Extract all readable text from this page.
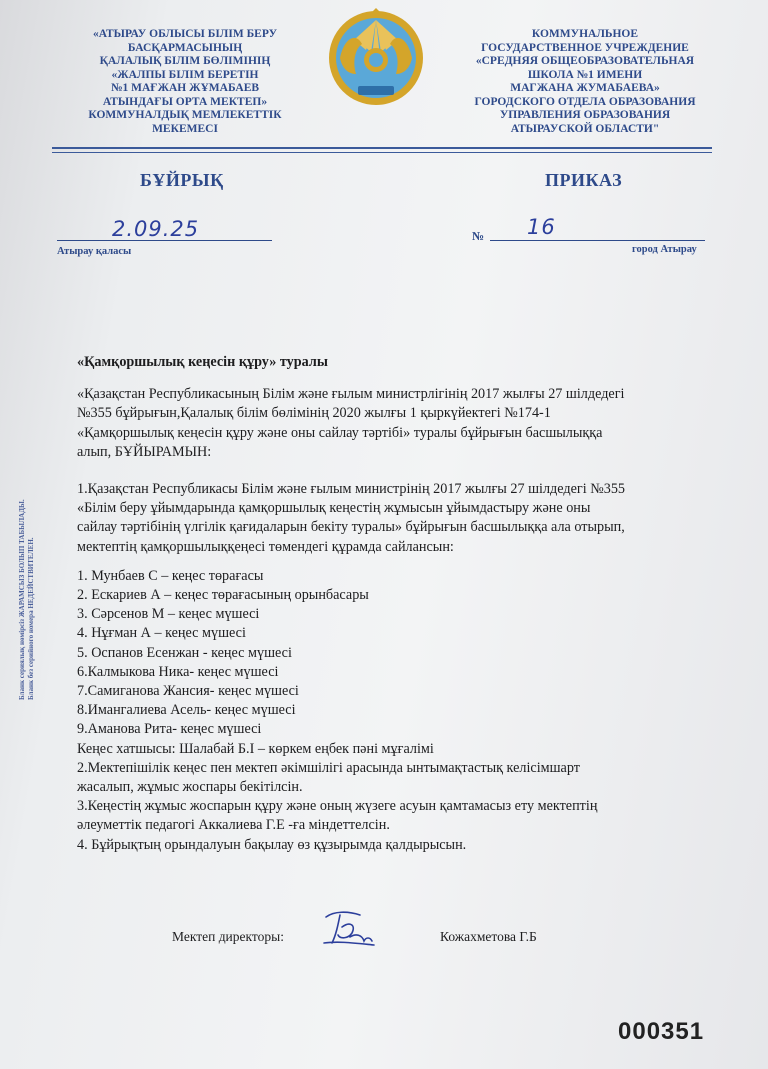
«АТЫРАУ ОБЛЫСЫ БІЛІМ БЕРУ
БАСҚАРМАСЫНЫҢ
ҚАЛАЛЫҚ БІЛІМ БӨЛІМІНІҢ
«ЖАЛПЫ БІЛІМ БЕРЕТІН
№1 МАҒЖАН ЖҰМАБАЕВ
АТЫНДАҒЫ ОРТА МЕКТЕП»
КОММУНАЛДЫҚ МЕМЛЕКЕТТІК
МЕКЕМЕСІ
КОММУНАЛЬНОЕ
ГОСУДАРСТВЕННОЕ УЧРЕЖДЕНИЕ
«СРЕДНЯЯ ОБЩЕОБРАЗОВАТЕЛЬНАЯ
ШКОЛА №1 ИМЕНИ
МАГЖАНА ЖУМАБАЕВА»
ГОРОДСКОГО ОТДЕЛА ОБРАЗОВАНИЯ
УПРАВЛЕНИЯ ОБРАЗОВАНИЯ
АТЫРАУСКОЙ ОБЛАСТИ"
БҰЙРЫҚ	ПРИКАЗ
2.09.25
Атырау қаласы
№ 16
город Атырау
Бланк сериялық нөмірсіз ЖАРАМСЫЗ БОЛЫП ТАБЫЛАДЫ. Бланк без серийного номера НЕДЕЙСТВИТЕЛЕН.

«Қамқоршылық кеңесін құру» туралы

«Қазақстан Республикасының Білім және ғылым министрлігінің 2017 жылғы 27 шілдедегі

№355 бұйрығын,Қалалық білім бөлімінің 2020 жылғы 1 қыркүйектегі №174-1

«Қамқоршылық кеңесін құру және оны сайлау тәртібі» туралы бұйрығын басшылыққа

алып, БҰЙЫРАМЫН:

1.Қазақстан Республикасы Білім және ғылым министрінің 2017 жылғы 27 шілдедегі №355

«Білім беру ұйымдарында қамқоршылық кеңестің жұмысын ұйымдастыру және оны

сайлау тәртібінің үлгілік қағидаларын бекіту туралы» бұйрығын басшылыққа ала отырып,

мектептің қамқоршылыққеңесі төмендегі құрамда сайлансын:

1. Мунбаев С – кеңес төрағасы

2. Ескариев А – кеңес төрағасының орынбасары

3. Сәрсенов М – кеңес мүшесі

4. Нұғман А – кеңес мүшесі

5. Оспанов Есенжан - кеңес мүшесі

6.Калмыкова Ника- кеңес мүшесі

7.Самиганова Жансия- кеңес мүшесі

8.Имангалиева Асель- кеңес мүшесі

9.Аманова Рита- кеңес мүшесі

Кеңес хатшысы: Шалабай Б.І – көркем еңбек пәні мұғалімі

2.Мектепішілік кеңес пен мектеп әкімшілігі арасында ынтымақтастық келісімшарт

жасалып, жұмыс жоспары бекітілсін.

3.Кеңестің жұмыс жоспарын құру және оның жүзеге асуын қамтамасыз ету мектептің

әлеуметтік педагогі Аккалиева Г.Е -ға міндеттелсін.

4. Бұйрықтың орындалуын бақылау өз құзырымда қалдырысын.

Мектеп директоры:	Кожахметова Г.Б
000351
